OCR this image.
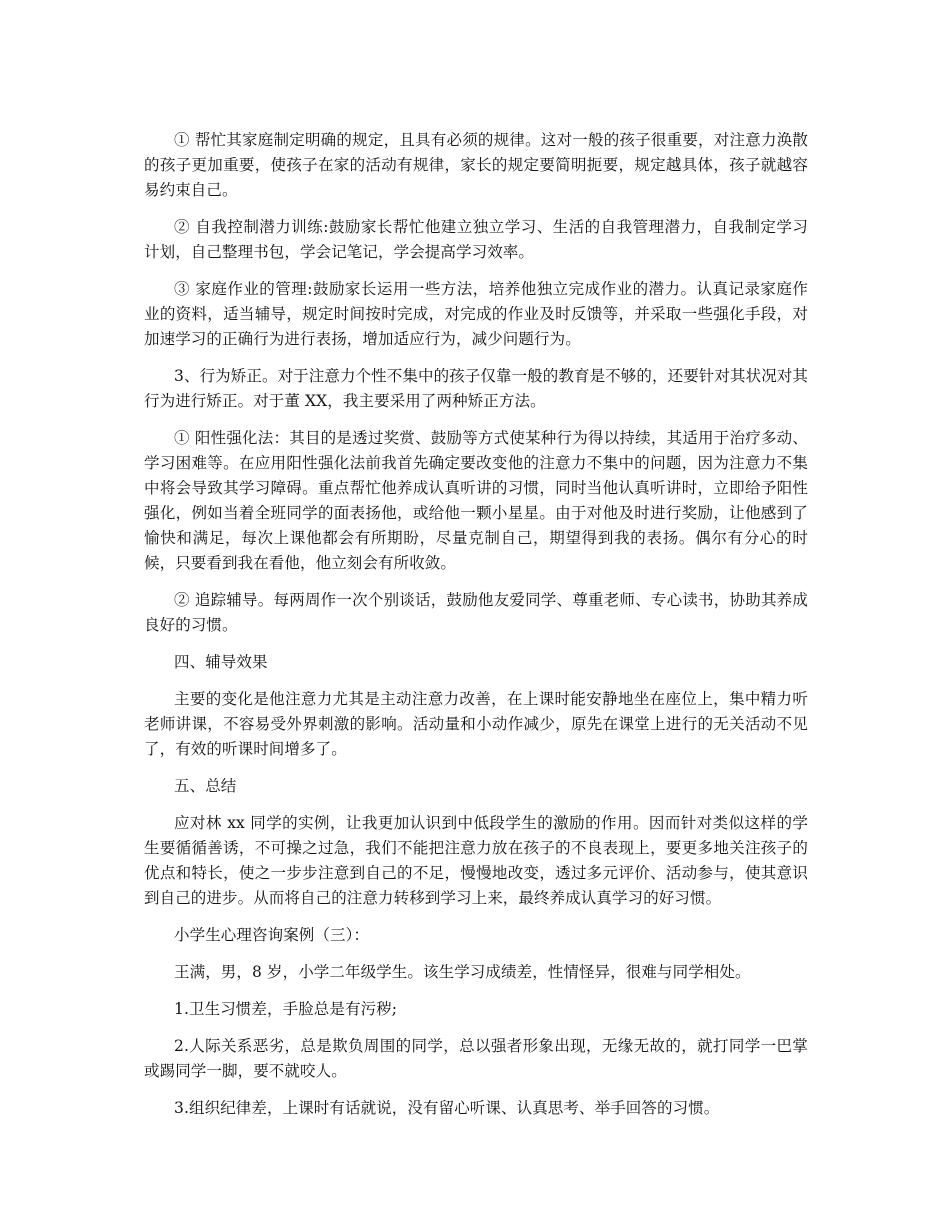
① 帮忙其家庭制定明确的规定，且具有必须的规律。这对一般的孩子很重要，对注意力涣散的孩子更加重要，使孩子在家的活动有规律，家长的规定要简明扼要，规定越具体，孩子就越容易约束自己。

② 自我控制潜力训练:鼓励家长帮忙他建立独立学习、生活的自我管理潜力，自我制定学习计划，自己整理书包，学会记笔记，学会提高学习效率。

③ 家庭作业的管理:鼓励家长运用一些方法，培养他独立完成作业的潜力。认真记录家庭作业的资料，适当辅导，规定时间按时完成，对完成的作业及时反馈等，并采取一些强化手段，对加速学习的正确行为进行表扬，增加适应行为，减少问题行为。

3、行为矫正。对于注意力个性不集中的孩子仅靠一般的教育是不够的，还要针对其状况对其行为进行矫正。对于董 XX，我主要采用了两种矫正方法。

① 阳性强化法：其目的是透过奖赏、鼓励等方式使某种行为得以持续，其适用于治疗多动、学习困难等。在应用阳性强化法前我首先确定要改变他的注意力不集中的问题，因为注意力不集中将会导致其学习障碍。重点帮忙他养成认真听讲的习惯，同时当他认真听讲时，立即给予阳性强化，例如当着全班同学的面表扬他，或给他一颗小星星。由于对他及时进行奖励，让他感到了愉快和满足，每次上课他都会有所期盼，尽量克制自己，期望得到我的表扬。偶尔有分心的时候，只要看到我在看他，他立刻会有所收敛。

② 追踪辅导。每两周作一次个别谈话，鼓励他友爱同学、尊重老师、专心读书，协助其养成良好的习惯。

四、辅导效果

主要的变化是他注意力尤其是主动注意力改善，在上课时能安静地坐在座位上，集中精力听老师讲课，不容易受外界刺激的影响。活动量和小动作减少，原先在课堂上进行的无关活动不见了，有效的听课时间增多了。

五、总结

应对林 xx 同学的实例，让我更加认识到中低段学生的激励的作用。因而针对类似这样的学生要循循善诱，不可操之过急，我们不能把注意力放在孩子的不良表现上，要更多地关注孩子的优点和特长，使之一步步注意到自己的不足，慢慢地改变，透过多元评价、活动参与，使其意识到自己的进步。从而将自己的注意力转移到学习上来，最终养成认真学习的好习惯。

小学生心理咨询案例（三）：

王满，男，8 岁，小学二年级学生。该生学习成绩差，性情怪异，很难与同学相处。

1.卫生习惯差，手脸总是有污秽;

2.人际关系恶劣，总是欺负周围的同学，总以强者形象出现，无缘无故的，就打同学一巴掌或踢同学一脚，要不就咬人。

3.组织纪律差，上课时有话就说，没有留心听课、认真思考、举手回答的习惯。
